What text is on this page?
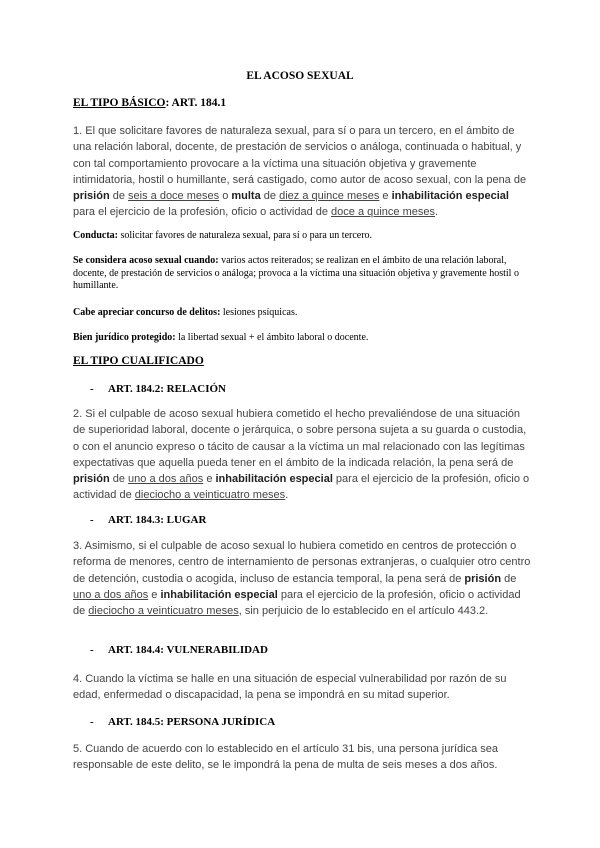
EL ACOSO SEXUAL
EL TIPO BÁSICO: ART. 184.1
1. El que solicitare favores de naturaleza sexual, para sí o para un tercero, en el ámbito de una relación laboral, docente, de prestación de servicios o análoga, continuada o habitual, y con tal comportamiento provocare a la víctima una situación objetiva y gravemente intimidatoria, hostil o humillante, será castigado, como autor de acoso sexual, con la pena de prisión de seis a doce meses o multa de diez a quince meses e inhabilitación especial para el ejercicio de la profesión, oficio o actividad de doce a quince meses.
Conducta: solicitar favores de naturaleza sexual, para sí o para un tercero.
Se considera acoso sexual cuando: varios actos reiterados; se realizan en el ámbito de una relación laboral, docente, de prestación de servicios o análoga; provoca a la víctima una situación objetiva y gravemente hostil o humillante.
Cabe apreciar concurso de delitos: lesiones psíquicas.
Bien jurídico protegido: la libertad sexual + el ámbito laboral o docente.
EL TIPO CUALIFICADO
- ART. 184.2: RELACIÓN
2. Si el culpable de acoso sexual hubiera cometido el hecho prevaliéndose de una situación de superioridad laboral, docente o jerárquica, o sobre persona sujeta a su guarda o custodia, o con el anuncio expreso o tácito de causar a la víctima un mal relacionado con las legítimas expectativas que aquella pueda tener en el ámbito de la indicada relación, la pena será de prisión de uno a dos años e inhabilitación especial para el ejercicio de la profesión, oficio o actividad de dieciocho a veinticuatro meses.
- ART. 184.3: LUGAR
3. Asimismo, si el culpable de acoso sexual lo hubiera cometido en centros de protección o reforma de menores, centro de internamiento de personas extranjeras, o cualquier otro centro de detención, custodia o acogida, incluso de estancia temporal, la pena será de prisión de uno a dos años e inhabilitación especial para el ejercicio de la profesión, oficio o actividad de dieciocho a veinticuatro meses, sin perjuicio de lo establecido en el artículo 443.2.
- ART. 184.4: VULNERABILIDAD
4. Cuando la víctima se halle en una situación de especial vulnerabilidad por razón de su edad, enfermedad o discapacidad, la pena se impondrá en su mitad superior.
- ART. 184.5: PERSONA JURÍDICA
5. Cuando de acuerdo con lo establecido en el artículo 31 bis, una persona jurídica sea responsable de este delito, se le impondrá la pena de multa de seis meses a dos años.
